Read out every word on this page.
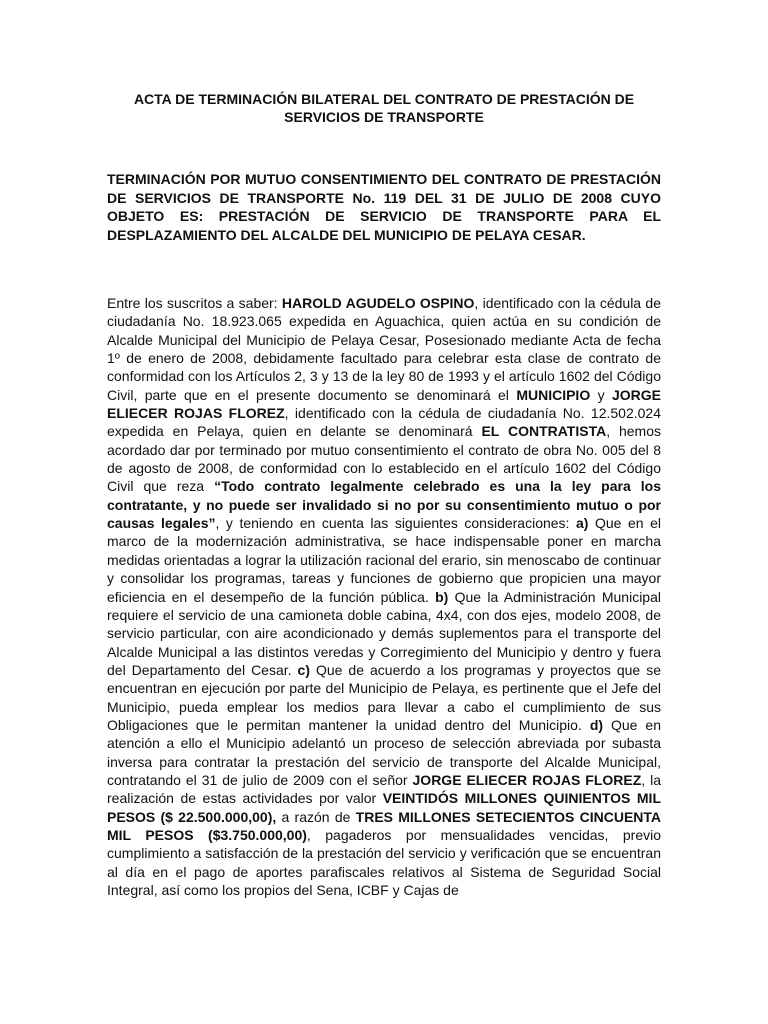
ACTA DE TERMINACIÓN BILATERAL DEL CONTRATO DE PRESTACIÓN DE SERVICIOS DE TRANSPORTE

TERMINACIÓN POR MUTUO CONSENTIMIENTO DEL CONTRATO DE PRESTACIÓN DE SERVICIOS DE TRANSPORTE No. 119 DEL 31 DE JULIO DE 2008 CUYO OBJETO ES: PRESTACIÓN DE SERVICIO DE TRANSPORTE PARA EL DESPLAZAMIENTO DEL ALCALDE DEL MUNICIPIO DE PELAYA CESAR.

Entre los suscritos a saber: HAROLD AGUDELO OSPINO, identificado con la cédula de ciudadanía No. 18.923.065 expedida en Aguachica, quien actúa en su condición de Alcalde Municipal del Municipio de Pelaya Cesar, Posesionado mediante Acta de fecha 1º de enero de 2008, debidamente facultado para celebrar esta clase de contrato de conformidad con los Artículos 2, 3 y 13 de la ley 80 de 1993 y el artículo 1602 del Código Civil, parte que en el presente documento se denominará el MUNICIPIO y JORGE ELIECER ROJAS FLOREZ, identificado con la cédula de ciudadanía No. 12.502.024 expedida en Pelaya, quien en delante se denominará EL CONTRATISTA, hemos acordado dar por terminado por mutuo consentimiento el contrato de obra No. 005 del 8 de agosto de 2008, de conformidad con lo establecido en el artículo 1602 del Código Civil que reza “Todo contrato legalmente celebrado es una la ley para los contratante, y no puede ser invalidado si no por su consentimiento mutuo o por causas legales”, y teniendo en cuenta las siguientes consideraciones: a) Que en el marco de la modernización administrativa, se hace indispensable poner en marcha medidas orientadas a lograr la utilización racional del erario, sin menoscabo de continuar y consolidar los programas, tareas y funciones de gobierno que propicien una mayor eficiencia en el desempeño de la función pública. b) Que la Administración Municipal requiere el servicio de una camioneta doble cabina, 4x4, con dos ejes, modelo 2008, de servicio particular, con aire acondicionado y demás suplementos para el transporte del Alcalde Municipal a las distintos veredas y Corregimiento del Municipio y dentro y fuera del Departamento del Cesar. c) Que de acuerdo a los programas y proyectos que se encuentran en ejecución por parte del Municipio de Pelaya, es pertinente que el Jefe del Municipio, pueda emplear los medios para llevar a cabo el cumplimiento de sus Obligaciones que le permitan mantener la unidad dentro del Municipio. d) Que en atención a ello el Municipio adelantó un proceso de selección abreviada por subasta inversa para contratar la prestación del servicio de transporte del Alcalde Municipal, contratando el 31 de julio de 2009 con el señor JORGE ELIECER ROJAS FLOREZ, la realización de estas actividades por valor VEINTIDÓS MILLONES QUINIENTOS MIL PESOS ($ 22.500.000,00), a razón de TRES MILLONES SETECIENTOS CINCUENTA MIL PESOS ($3.750.000,00), pagaderos por mensualidades vencidas, previo cumplimiento a satisfacción de la prestación del servicio y verificación que se encuentran al día en el pago de aportes parafiscales relativos al Sistema de Seguridad Social Integral, así como los propios del Sena, ICBF y Cajas de
